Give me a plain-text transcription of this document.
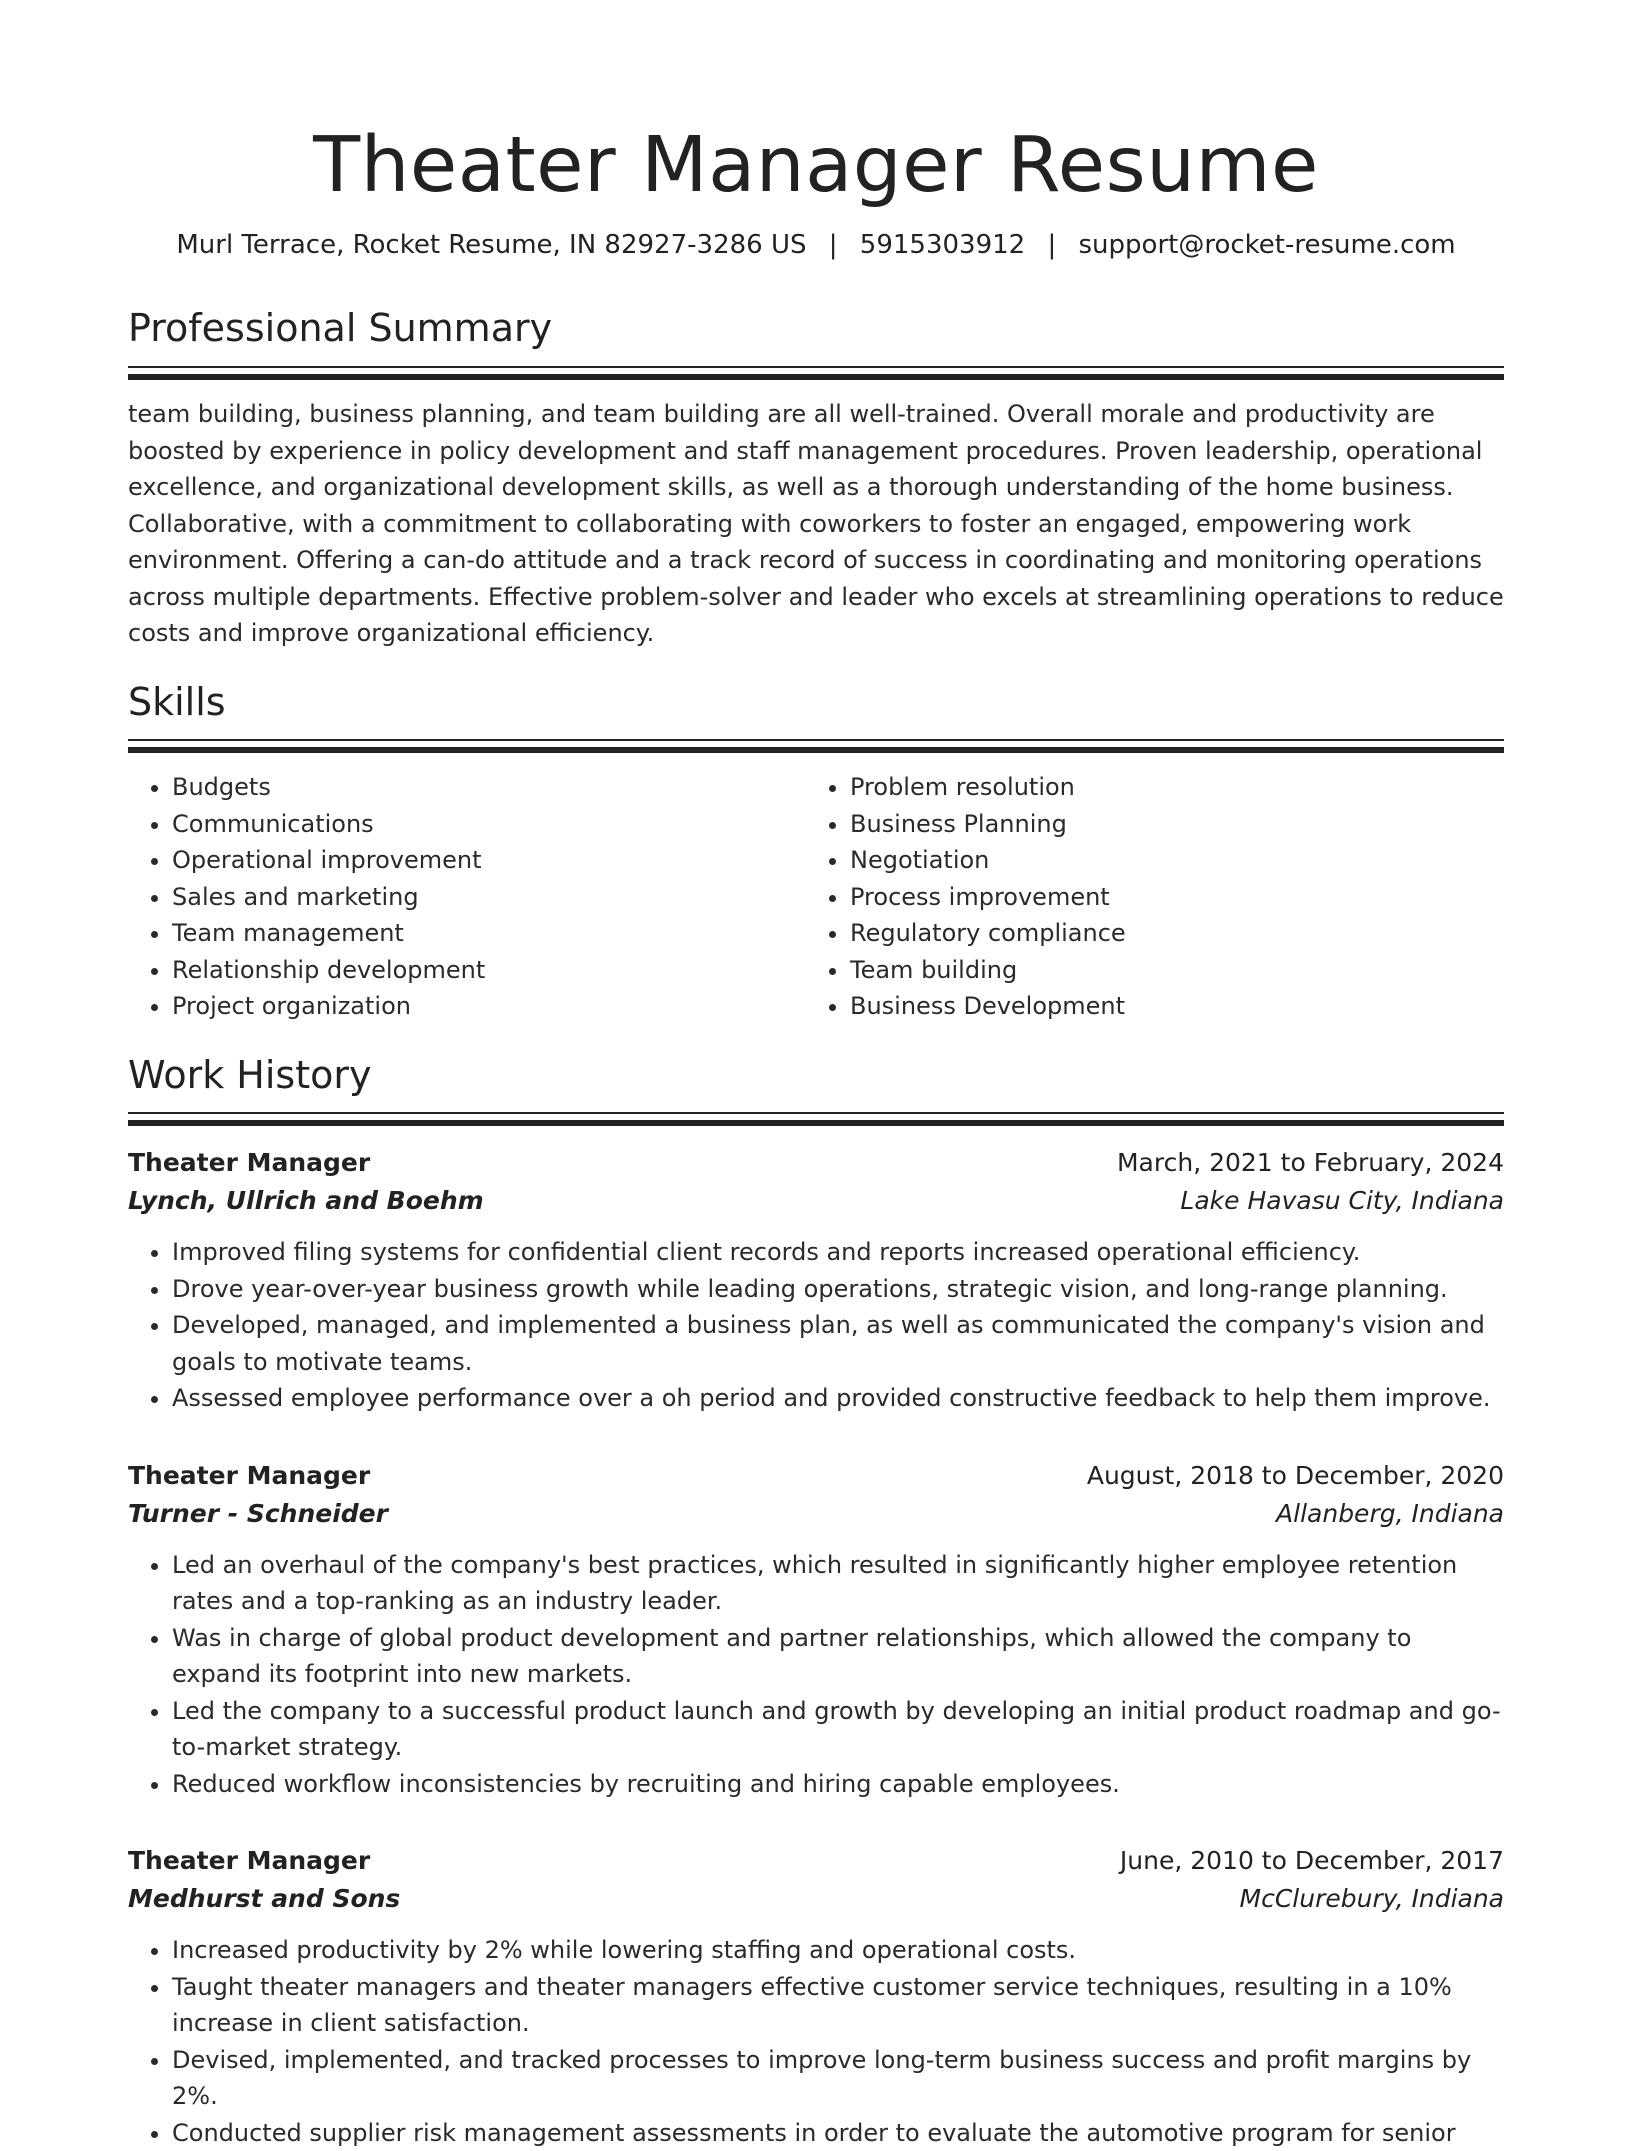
Theater Manager Resume
Murl Terrace, Rocket Resume, IN 82927-3286 US | 5915303912 | support@rocket-resume.com
Professional Summary

team building, business planning, and team building are all well-trained. Overall morale and productivity are boosted by experience in policy development and staff management procedures. Proven leadership, operational excellence, and organizational development skills, as well as a thorough understanding of the home business. Collaborative, with a commitment to collaborating with coworkers to foster an engaged, empowering work environment. Offering a can-do attitude and a track record of success in coordinating and monitoring operations across multiple departments. Effective problem-solver and leader who excels at streamlining operations to reduce costs and improve organizational efficiency.

Skills
• Budgets
• Communications
• Operational improvement
• Sales and marketing
• Team management
• Relationship development
• Project organization
• Problem resolution
• Business Planning
• Negotiation
• Process improvement
• Regulatory compliance
• Team building
• Business Development
Work History
Theater Manager	March, 2021 to February, 2024
Lynch, Ullrich and Boehm	Lake Havasu City, Indiana
• Improved filing systems for confidential client records and reports increased operational efficiency.
• Drove year-over-year business growth while leading operations, strategic vision, and long-range planning.
• Developed, managed, and implemented a business plan, as well as communicated the company's vision and goals to motivate teams.
• Assessed employee performance over a oh period and provided constructive feedback to help them improve.
Theater Manager	August, 2018 to December, 2020
Turner - Schneider	Allanberg, Indiana
• Led an overhaul of the company's best practices, which resulted in significantly higher employee retention rates and a top-ranking as an industry leader.
• Was in charge of global product development and partner relationships, which allowed the company to expand its footprint into new markets.
• Led the company to a successful product launch and growth by developing an initial product roadmap and go-to-market strategy.
• Reduced workflow inconsistencies by recruiting and hiring capable employees.
Theater Manager	June, 2010 to December, 2017
Medhurst and Sons	McClurebury, Indiana
• Increased productivity by 2% while lowering staffing and operational costs.
• Taught theater managers and theater managers effective customer service techniques, resulting in a 10% increase in client satisfaction.
• Devised, implemented, and tracked processes to improve long-term business success and profit margins by 2%.
• Conducted supplier risk management assessments in order to evaluate the automotive program for senior
